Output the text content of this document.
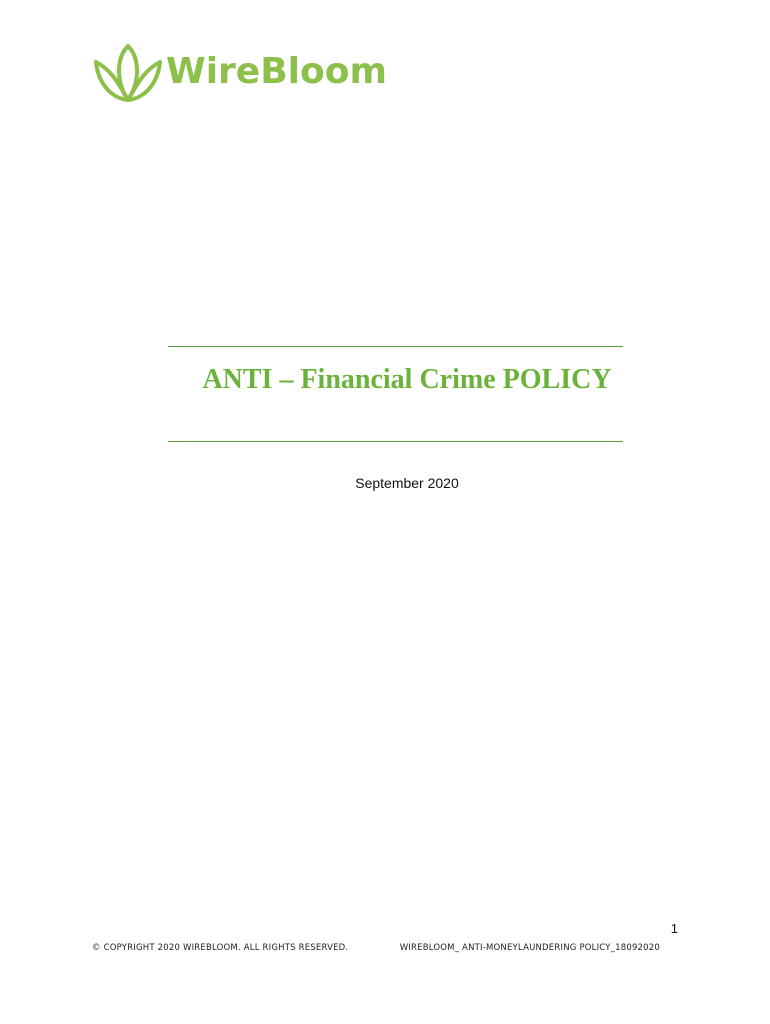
WireBloom
ANTI – Financial Crime POLICY
September 2020
1
© COPYRIGHT 2020 WIREBLOOM. ALL RIGHTS RESERVED.	WIREBLOOM_ ANTI-MONEYLAUNDERING POLICY_18092020
